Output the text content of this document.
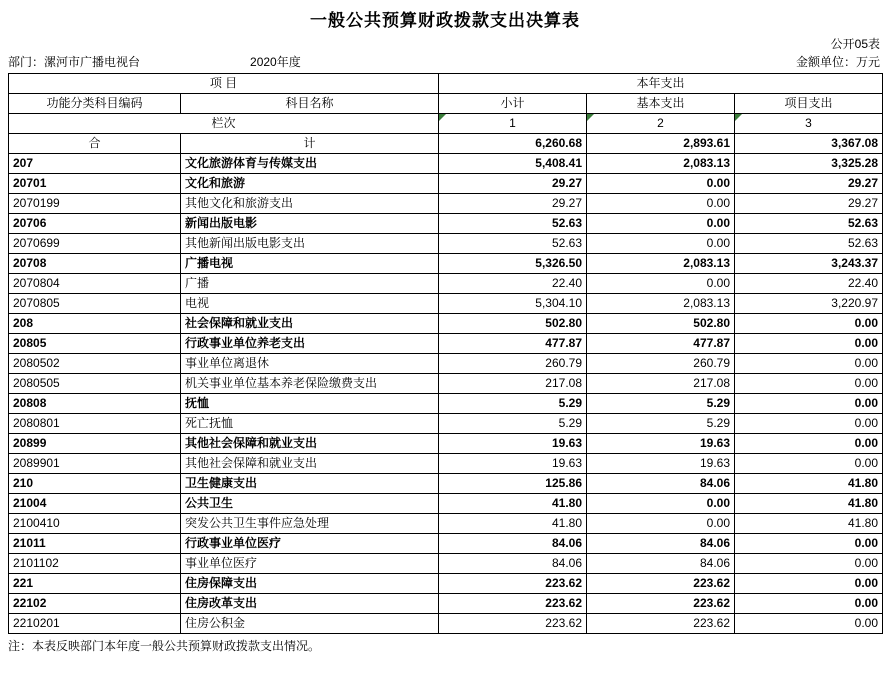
一般公共预算财政拨款支出决算表
公开05表
部门：漯河市广播电视台	2020年度	金额单位：万元
项 目		本年支出		
功能分类科目编码	科目名称	小计	基本支出	项目支出
栏次		1	2	3
合	计	6,260.68	2,893.61	3,367.08
207	文化旅游体育与传媒支出	5,408.41	2,083.13	3,325.28
20701	文化和旅游	29.27	0.00	29.27
2070199	其他文化和旅游支出	29.27	0.00	29.27
20706	新闻出版电影	52.63	0.00	52.63
2070699	其他新闻出版电影支出	52.63	0.00	52.63
20708	广播电视	5,326.50	2,083.13	3,243.37
2070804	广播	22.40	0.00	22.40
2070805	电视	5,304.10	2,083.13	3,220.97
208	社会保障和就业支出	502.80	502.80	0.00
20805	行政事业单位养老支出	477.87	477.87	0.00
2080502	事业单位离退休	260.79	260.79	0.00
2080505	机关事业单位基本养老保险缴费支出	217.08	217.08	0.00
20808	抚恤	5.29	5.29	0.00
2080801	死亡抚恤	5.29	5.29	0.00
20899	其他社会保障和就业支出	19.63	19.63	0.00
2089901	其他社会保障和就业支出	19.63	19.63	0.00
210	卫生健康支出	125.86	84.06	41.80
21004	公共卫生	41.80	0.00	41.80
2100410	突发公共卫生事件应急处理	41.80	0.00	41.80
21011	行政事业单位医疗	84.06	84.06	0.00
2101102	事业单位医疗	84.06	84.06	0.00
221	住房保障支出	223.62	223.62	0.00
22102	住房改革支出	223.62	223.62	0.00
2210201	住房公积金	223.62	223.62	0.00
注：本表反映部门本年度一般公共预算财政拨款支出情况。
